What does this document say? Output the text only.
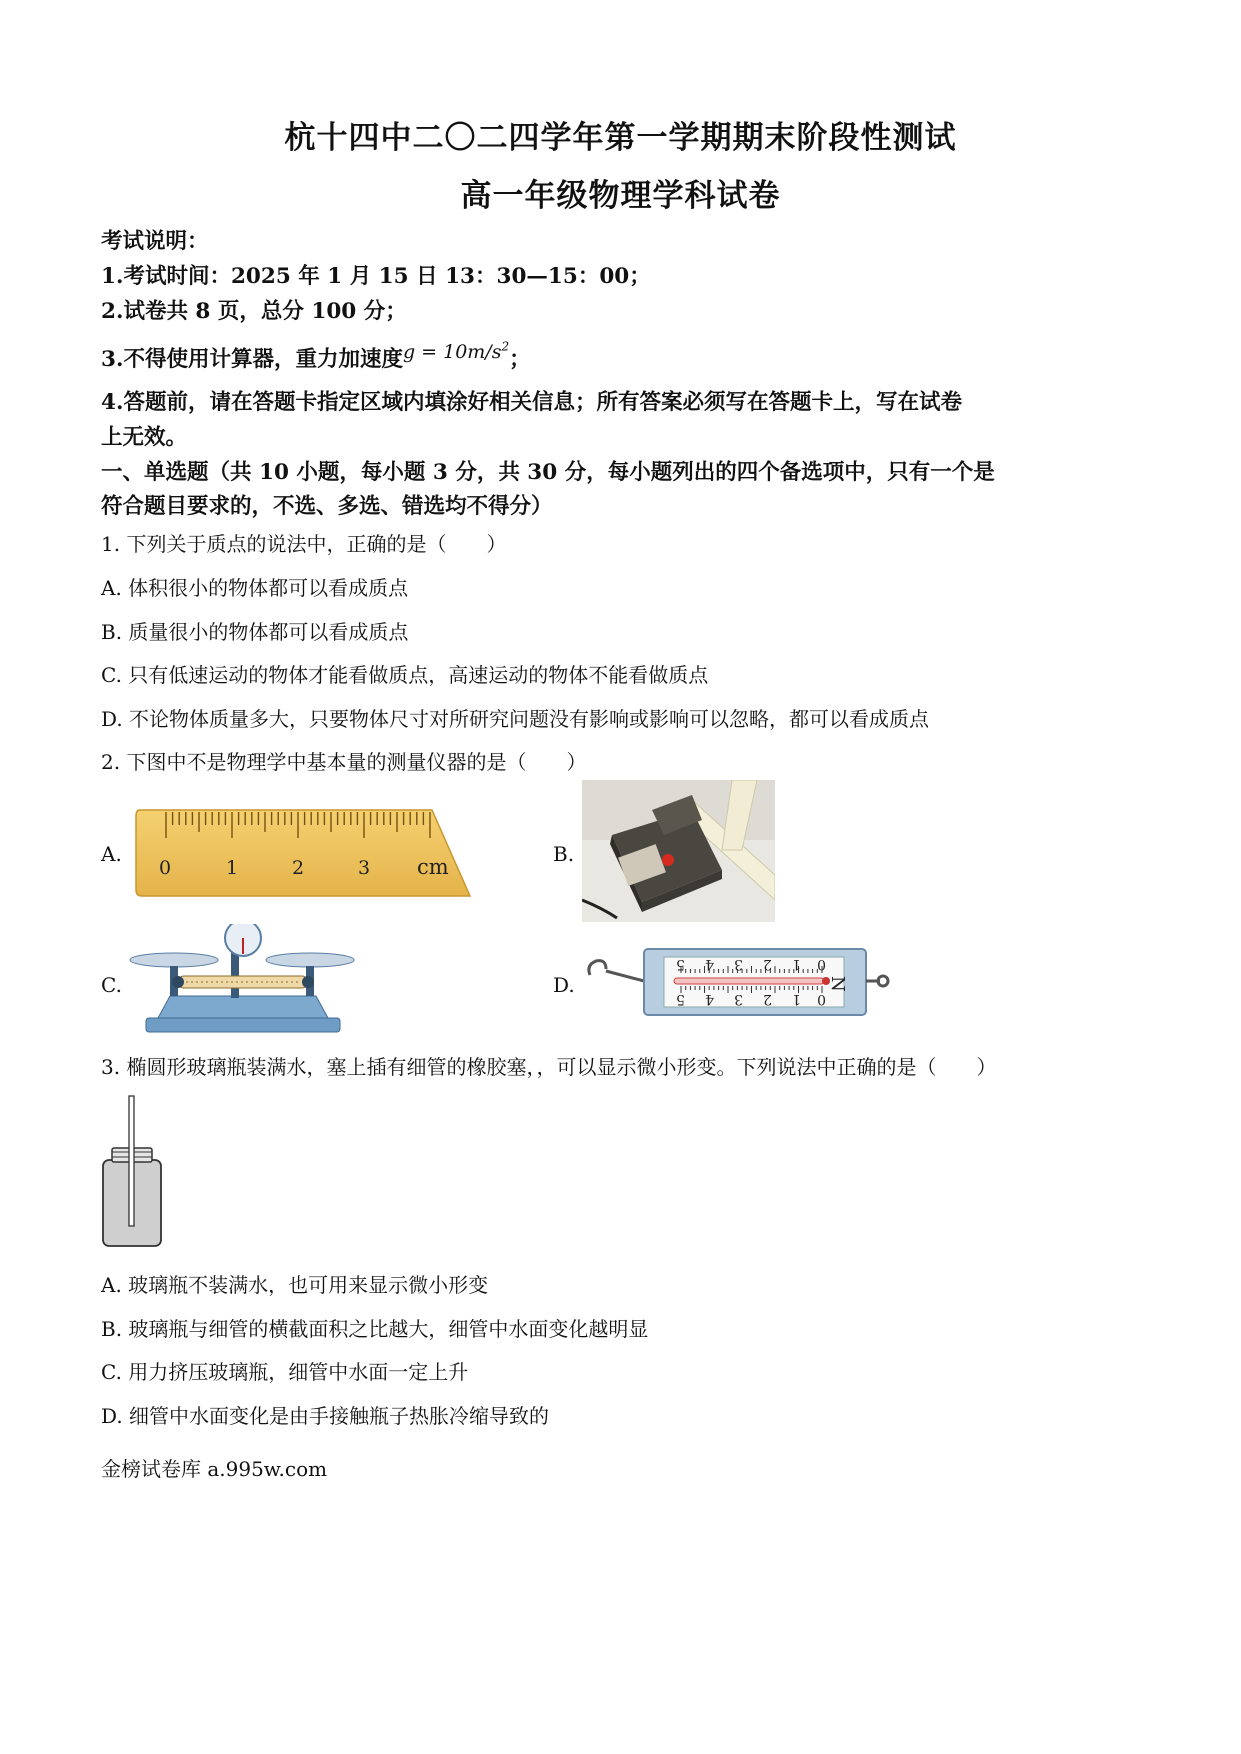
杭十四中二〇二四学年第一学期期末阶段性测试
高一年级物理学科试卷
考试说明：
1.考试时间：2025 年 1 月 15 日 13：30—15：00；
2.试卷共 8 页，总分 100 分；
3.不得使用计算器，重力加速度$g = 10m/s^2$；
4.答题前，请在答题卡指定区域内填涂好相关信息；所有答案必须写在答题卡上，写在试卷
上无效。
一、单选题（共 10 小题，每小题 3 分，共 30 分，每小题列出的四个备选项中，只有一个是
符合题目要求的，不选、多选、错选均不得分）
1. 下列关于质点的说法中，正确的是（　　）
A. 体积很小的物体都可以看成质点
B. 质量很小的物体都可以看成质点
C. 只有低速运动的物体才能看做质点，高速运动的物体不能看做质点
D. 不论物体质量多大，只要物体尺寸对所研究问题没有影响或影响可以忽略，都可以看成质点
2. 下图中不是物理学中基本量的测量仪器的是（　　）
A.
0	1	2	3 cm
B.
C.	D.
5 4 3 2 1 0
N
5 4 3 2 1 0
3. 椭圆形玻璃瓶装满水，塞上插有细管的橡胶塞，，可以显示微小形变。下列说法中正确的是（　　）
A. 玻璃瓶不装满水，也可用来显示微小形变
B. 玻璃瓶与细管的横截面积之比越大，细管中水面变化越明显
C. 用力挤压玻璃瓶，细管中水面一定上升
D. 细管中水面变化是由手接触瓶子热胀冷缩导致的
金榜试卷库 a.995w.com
